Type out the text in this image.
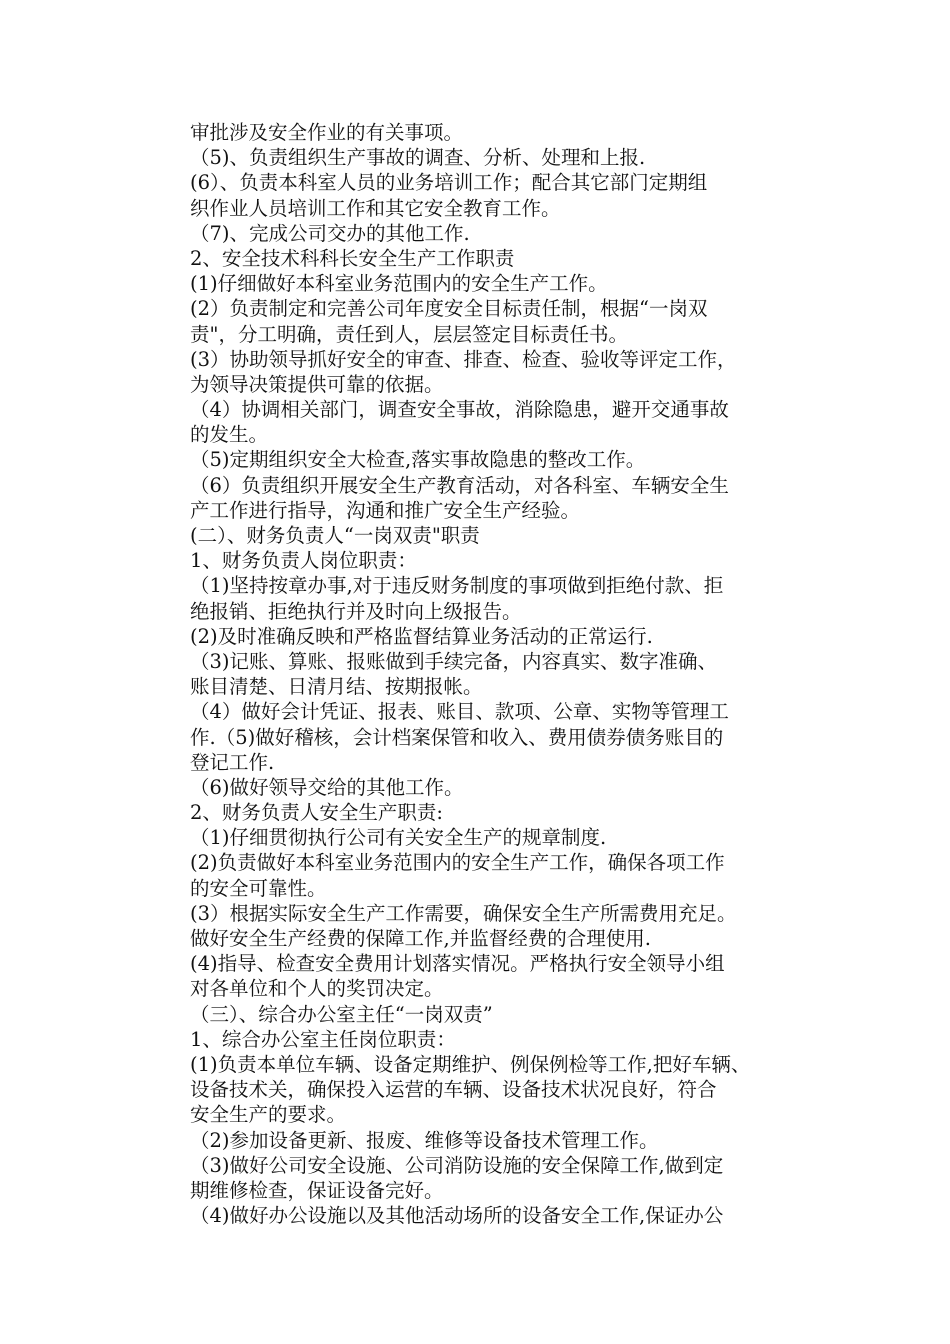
审批涉及安全作业的有关事项。
（5)、负责组织生产事故的调查、分析、处理和上报.
(6）、负责本科室人员的业务培训工作；配合其它部门定期组
织作业人员培训工作和其它安全教育工作。
（7)、完成公司交办的其他工作.
2、安全技术科科长安全生产工作职责
(1)仔细做好本科室业务范围内的安全生产工作。
(2）负责制定和完善公司年度安全目标责任制，根据“一岗双
责"，分工明确，责任到人，层层签定目标责任书。
(3）协助领导抓好安全的审查、排查、检查、验收等评定工作，
为领导决策提供可靠的依据。
（4）协调相关部门，调查安全事故，消除隐患，避开交通事故
的发生。
（5)定期组织安全大检查,落实事故隐患的整改工作。
（6）负责组织开展安全生产教育活动，对各科室、车辆安全生
产工作进行指导，沟通和推广安全生产经验。
(二）、财务负责人“一岗双责"职责
1、财务负责人岗位职责：
（1)坚持按章办事,对于违反财务制度的事项做到拒绝付款、拒
绝报销、拒绝执行并及时向上级报告。
(2)及时准确反映和严格监督结算业务活动的正常运行.
（3)记账、算账、报账做到手续完备，内容真实、数字准确、
账目清楚、日清月结、按期报帐。
（4）做好会计凭证、报表、账目、款项、公章、实物等管理工
作.（5)做好稽核，会计档案保管和收入、费用债券债务账目的
登记工作.
（6)做好领导交给的其他工作。
2、财务负责人安全生产职责:
（1)仔细贯彻执行公司有关安全生产的规章制度.
(2)负责做好本科室业务范围内的安全生产工作，确保各项工作
的安全可靠性。
(3）根据实际安全生产工作需要，确保安全生产所需费用充足。
做好安全生产经费的保障工作,并监督经费的合理使用.
(4)指导、检查安全费用计划落实情况。严格执行安全领导小组
对各单位和个人的奖罚决定。
（三）、综合办公室主任“一岗双责”
1、综合办公室主任岗位职责：
(1)负责本单位车辆、设备定期维护、例保例检等工作,把好车辆、
设备技术关，确保投入运营的车辆、设备技术状况良好，符合
安全生产的要求。
（2)参加设备更新、报废、维修等设备技术管理工作。
（3)做好公司安全设施、公司消防设施的安全保障工作,做到定
期维修检查，保证设备完好。
（4)做好办公设施以及其他活动场所的设备安全工作,保证办公
